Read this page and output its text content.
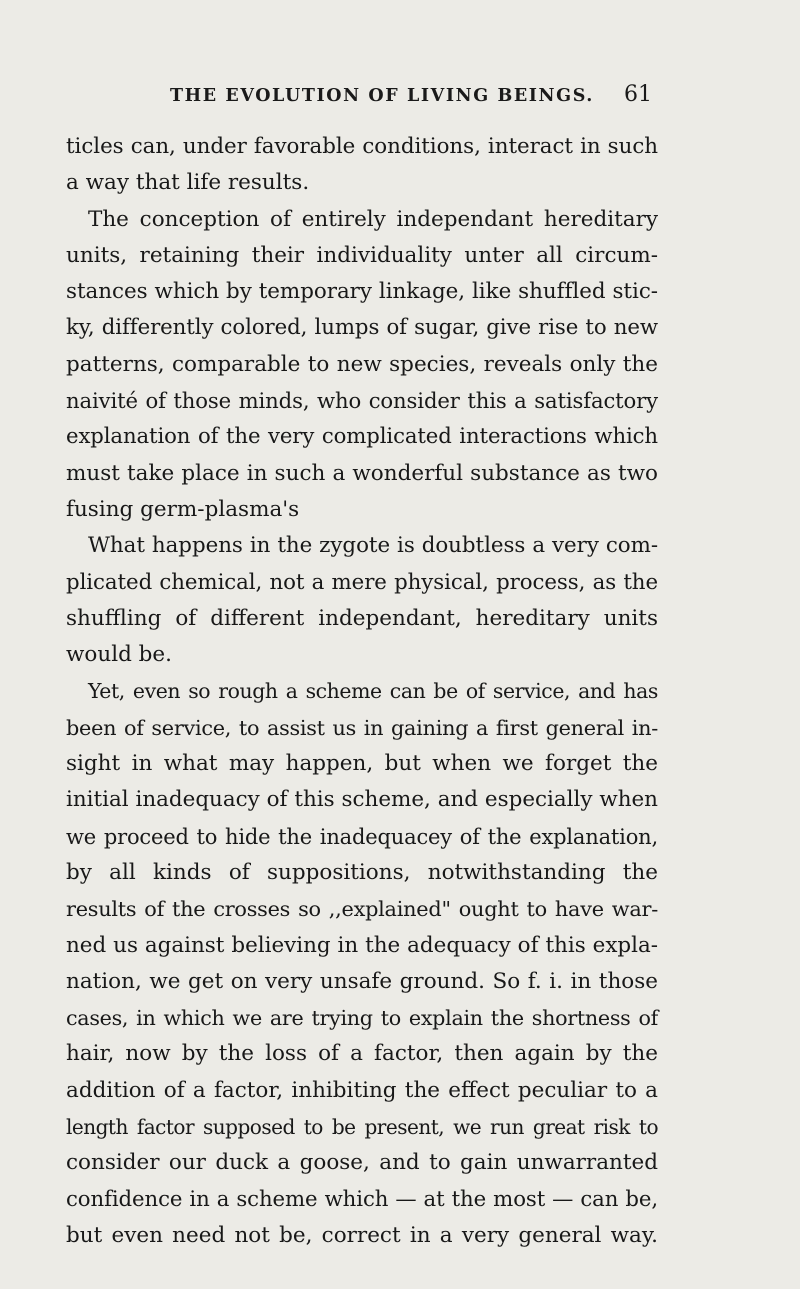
THE EVOLUTION OF LIVING BEINGS. 61
ticles can, under favorable conditions, interact in such
a way that life results.
The conception of entirely independant hereditary
units, retaining their individuality unter all circum-
stances which by temporary linkage, like shuffled stic-
ky, differently colored, lumps of sugar, give rise to new
patterns, comparable to new species, reveals only the
naivité of those minds, who consider this a satisfactory
explanation of the very complicated interactions which
must take place in such a wonderful substance as two
fusing germ-plasma's
What happens in the zygote is doubtless a very com-
plicated chemical, not a mere physical, process, as the
shuffling of different independant, hereditary units
would be.
Yet, even so rough a scheme can be of service, and has
been of service, to assist us in gaining a first general in-
sight in what may happen, but when we forget the
initial inadequacy of this scheme, and especially when
we proceed to hide the inadequacey of the explanation,
by all kinds of suppositions, notwithstanding the
results of the crosses so ,,explained" ought to have war-
ned us against believing in the adequacy of this expla-
nation, we get on very unsafe ground. So f. i. in those
cases, in which we are trying to explain the shortness of
hair, now by the loss of a factor, then again by the
addition of a factor, inhibiting the effect peculiar to a
length factor supposed to be present, we run great risk to
consider our duck a goose, and to gain unwarranted
confidence in a scheme which — at the most — can be,
but even need not be, correct in a very general way.
